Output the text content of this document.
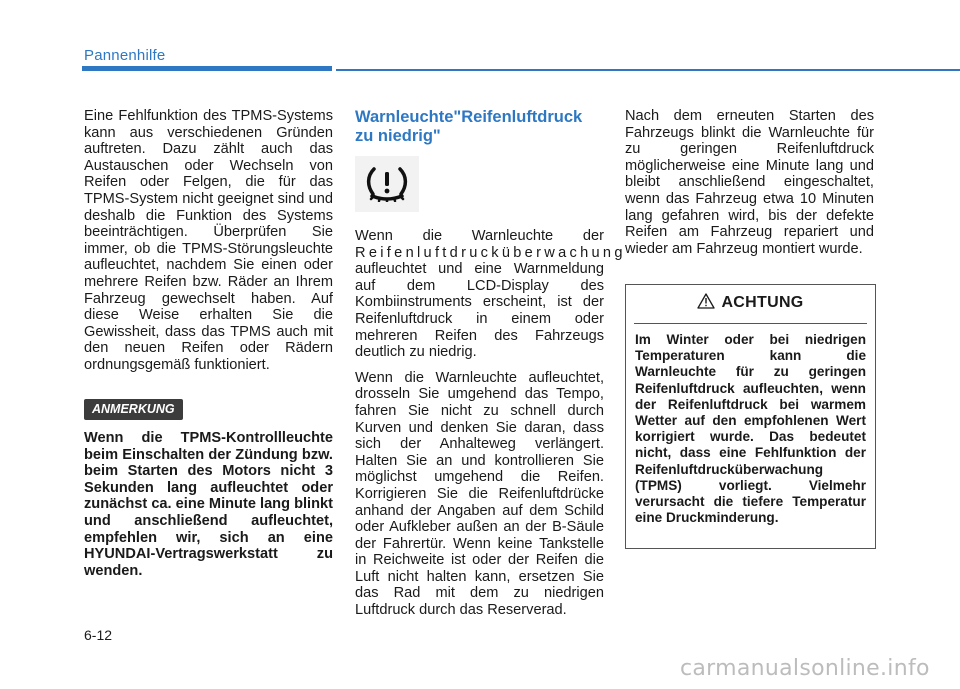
Pannenhilfe

Eine Fehlfunktion des TPMS-Systems kann aus verschiedenen Gründen auftreten. Dazu zählt auch das Austauschen oder Wechseln von Reifen oder Felgen, die für das TPMS-System nicht geeignet sind und deshalb die Funktion des Systems beeinträchtigen. Überprüfen Sie immer, ob die TPMS-Störungsleuchte aufleuchtet, nachdem Sie einen oder mehrere Reifen bzw. Räder an Ihrem Fahrzeug gewechselt haben. Auf diese Weise erhalten Sie die Gewissheit, dass das TPMS auch mit den neuen Reifen oder Rädern ordnungsgemäß funktioniert.

ANMERKUNG

Wenn die TPMS-Kontrollleuchte beim Einschalten der Zündung bzw. beim Starten des Motors nicht 3 Sekunden lang aufleuchtet oder zunächst ca. eine Minute lang blinkt und anschließend aufleuchtet, empfehlen wir, sich an eine HYUNDAI-Vertragswerkstatt zu wenden.

Warnleuchte"Reifenluftdruck zu niedrig"

Wenn die Warnleuchte der Reifenluftdrucküberwachung aufleuchtet und eine Warnmeldung auf dem LCD-Display des Kombiinstruments erscheint, ist der Reifenluftdruck in einem oder mehreren Reifen des Fahrzeugs deutlich zu niedrig.

Wenn die Warnleuchte aufleuchtet, drosseln Sie umgehend das Tempo, fahren Sie nicht zu schnell durch Kurven und denken Sie daran, dass sich der Anhalteweg verlängert. Halten Sie an und kontrollieren Sie möglichst umgehend die Reifen. Korrigieren Sie die Reifenluftdrücke anhand der Angaben auf dem Schild oder Aufkleber außen an der B-Säule der Fahrertür. Wenn keine Tankstelle in Reichweite ist oder der Reifen die Luft nicht halten kann, ersetzen Sie das Rad mit dem zu niedrigen Luftdruck durch das Reserverad.

Nach dem erneuten Starten des Fahrzeugs blinkt die Warnleuchte für zu geringen Reifenluftdruck möglicherweise eine Minute lang und bleibt anschließend eingeschaltet, wenn das Fahrzeug etwa 10 Minuten lang gefahren wird, bis der defekte Reifen am Fahrzeug repariert und wieder am Fahrzeug montiert wurde.

ACHTUNG
Im Winter oder bei niedrigen Temperaturen kann die Warnleuchte für zu geringen Reifenluftdruck aufleuchten, wenn der Reifenluftdruck bei warmem Wetter auf den empfohlenen Wert korrigiert wurde. Das bedeutet nicht, dass eine Fehlfunktion der Reifenluftdrucküberwachung (TPMS) vorliegt. Vielmehr verursacht die tiefere Temperatur eine Druckminderung.
6-12
carmanualsonline.info
